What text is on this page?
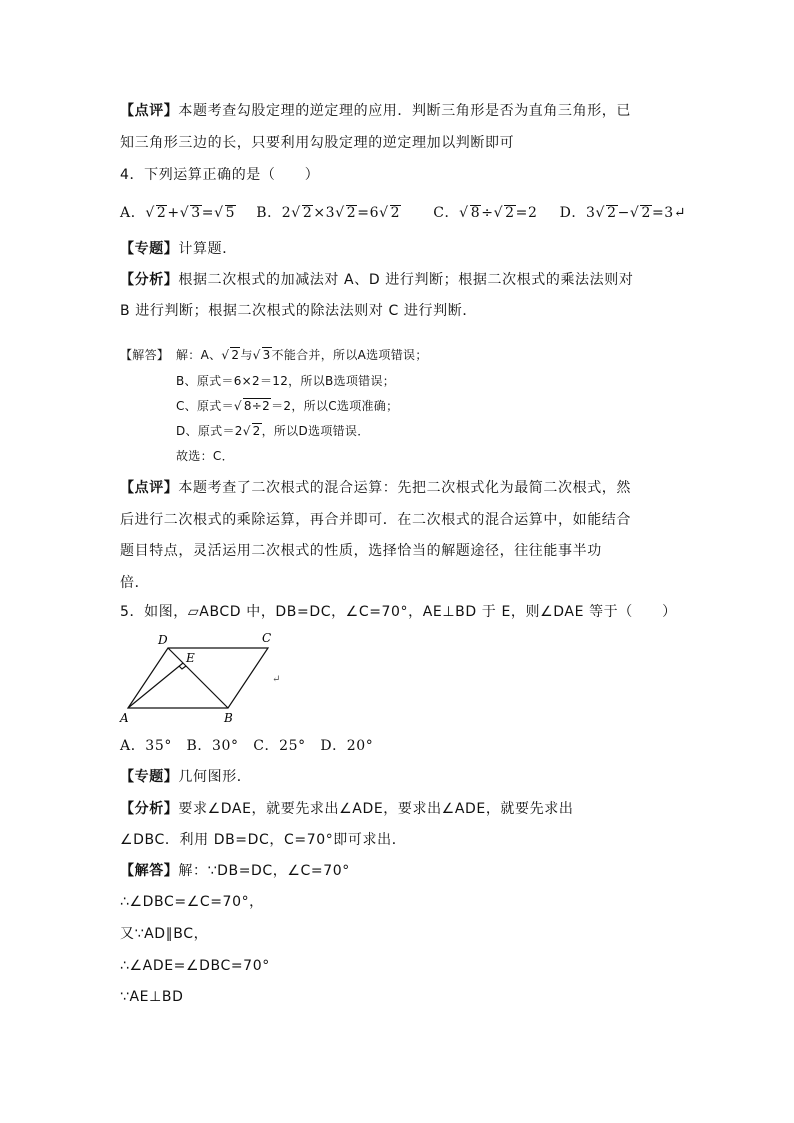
【点评】本题考查勾股定理的逆定理的应用．判断三角形是否为直角三角形，已
知三角形三边的长，只要利用勾股定理的逆定理加以判断即可
4．下列运算正确的是（　　）
A．√ 2+√ 3=√ 5 B．2√ 2×3√ 2=6√ 2 C．√ 8÷√ 2=2 D．3√ 2−√ 2=3↵
【专题】计算题．
【分析】根据二次根式的加减法对 A、D 进行判断；根据二次根式的乘法法则对
B 进行判断；根据二次根式的除法法则对 C 进行判断．
【解答】 解：A、√ 2与√ 3不能合并，所以A选项错误；
B、原式＝6×2＝12，所以B选项错误；
C、原式＝√ 8÷2＝2，所以C选项准确；
D、原式＝2√ 2，所以D选项错误．
故选：C．
【点评】本题考查了二次根式的混合运算：先把二次根式化为最简二次根式，然
后进行二次根式的乘除运算，再合并即可．在二次根式的混合运算中，如能结合
题目特点，灵活运用二次根式的性质，选择恰当的解题途径，往往能事半功
倍．
5．如图，▱ABCD 中，DB=DC，∠C=70°，AE⊥BD 于 E，则∠DAE 等于（　　）
D	C
E
A	B
↵
A．35°　B．30°　C．25°　D．20°
【专题】几何图形．
【分析】要求∠DAE，就要先求出∠ADE，要求出∠ADE，就要先求出
∠DBC．利用 DB=DC，C=70°即可求出．
【解答】解：∵DB=DC，∠C=70°
∴∠DBC=∠C=70°，
又∵AD∥BC，
∴∠ADE=∠DBC=70°
∵AE⊥BD
